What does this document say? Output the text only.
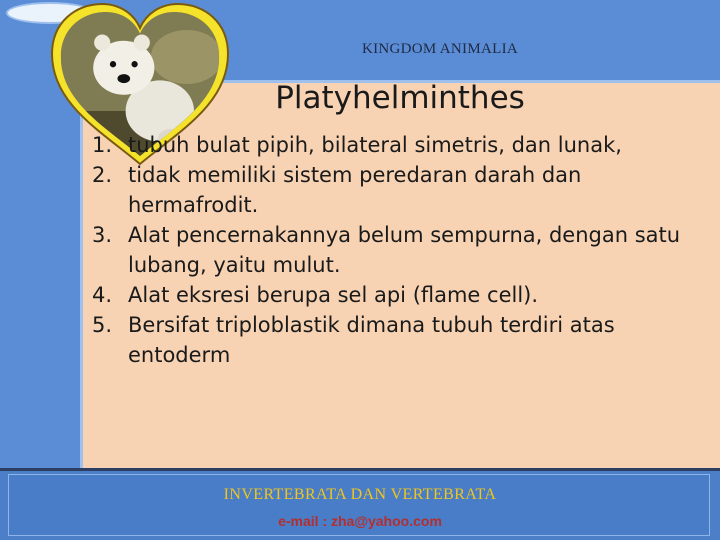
KINGDOM ANIMALIA
Platyhelminthes
1. tubuh bulat pipih, bilateral simetris, dan lunak,
2. tidak memiliki sistem peredaran darah dan hermafrodit.
3. Alat pencernakannya belum sempurna, dengan satu lubang, yaitu mulut.
4. Alat eksresi berupa sel api (flame cell).
5. Bersifat triploblastik dimana tubuh terdiri atas entoderm
INVERTEBRATA DAN VERTEBRATA
e-mail : zha@yahoo.com
